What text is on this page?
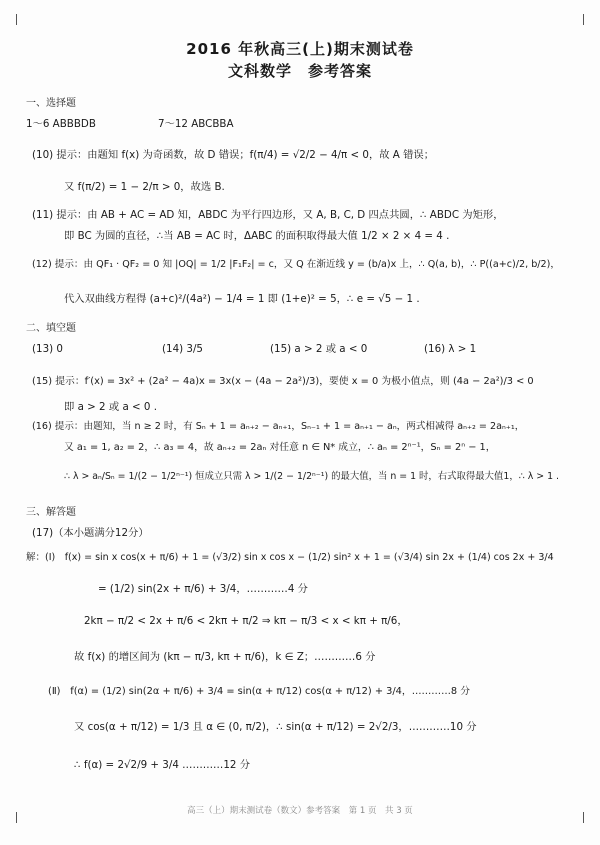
2016 年秋高三(上)期末测试卷
文科数学　参考答案
一、选择题
1～6 ABBBDB	7～12 ABCBBA
(10) 提示：由题知 f(x) 为奇函数，故 D 错误；f(π/4) = √2/2 − 4/π < 0，故 A 错误；
又 f(π/2) = 1 − 2/π > 0，故选 B.
(11) 提示：由 AB + AC = AD 知，ABDC 为平行四边形，又 A, B, C, D 四点共圆，∴ ABDC 为矩形，
即 BC 为圆的直径，∴当 AB = AC 时，ΔABC 的面积取得最大值 1/2 × 2 × 4 = 4 .
(12) 提示：由 QF₁ · QF₂ = 0 知 |OQ| = 1/2 |F₁F₂| = c，又 Q 在渐近线 y = (b/a)x 上，∴ Q(a, b)，∴ P((a+c)/2, b/2)，
代入双曲线方程得 (a+c)²/(4a²) − 1/4 = 1 即 (1+e)² = 5，∴ e = √5 − 1 .
二、填空题
(13) 0	(14) 3/5	(15) a > 2 或 a < 0	(16) λ > 1
(15) 提示：f′(x) = 3x² + (2a² − 4a)x = 3x(x − (4a − 2a²)/3)，要使 x = 0 为极小值点，则 (4a − 2a²)/3 < 0
即 a > 2 或 a < 0 .
(16) 提示：由题知，当 n ≥ 2 时，有 Sₙ + 1 = aₙ₊₂ − aₙ₊₁，Sₙ₋₁ + 1 = aₙ₊₁ − aₙ，两式相减得 aₙ₊₂ = 2aₙ₊₁，
又 a₁ = 1, a₂ = 2，∴ a₃ = 4，故 aₙ₊₂ = 2aₙ 对任意 n ∈ N* 成立，∴ aₙ = 2ⁿ⁻¹，Sₙ = 2ⁿ − 1，
∴ λ > aₙ/Sₙ = 1/(2 − 1/2ⁿ⁻¹) 恒成立只需 λ > 1/(2 − 1/2ⁿ⁻¹) 的最大值，当 n = 1 时，右式取得最大值1，∴ λ > 1 .
三、解答题
(17)（本小题满分12分）
解：(Ⅰ)　f(x) = sin x cos(x + π/6) + 1 = (√3/2) sin x cos x − (1/2) sin² x + 1 = (√3/4) sin 2x + (1/4) cos 2x + 3/4
= (1/2) sin(2x + π/6) + 3/4，…………4 分
2kπ − π/2 < 2x + π/6 < 2kπ + π/2 ⇒ kπ − π/3 < x < kπ + π/6，
故 f(x) 的增区间为 (kπ − π/3, kπ + π/6)，k ∈ Z；…………6 分
(Ⅱ)　f(α) = (1/2) sin(2α + π/6) + 3/4 = sin(α + π/12) cos(α + π/12) + 3/4，…………8 分
又 cos(α + π/12) = 1/3 且 α ∈ (0, π/2)，∴ sin(α + π/12) = 2√2/3，…………10 分
∴ f(α) = 2√2/9 + 3/4 …………12 分
高三（上）期末测试卷（数文）参考答案　第 1 页　共 3 页
